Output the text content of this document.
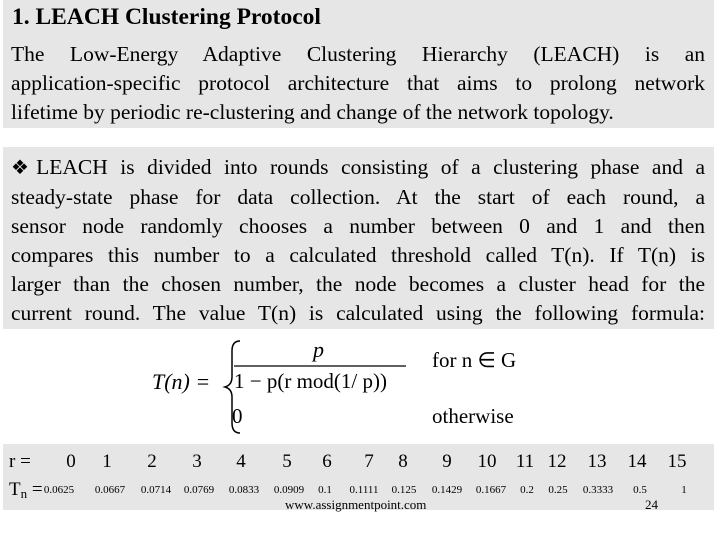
1. LEACH Clustering Protocol
The Low-Energy Adaptive Clustering Hierarchy (LEACH) is an
application-specific protocol architecture that aims to prolong network
lifetime by periodic re-clustering and change of the network topology.
❖LEACH is divided into rounds consisting of a clustering phase and a
steady-state phase for data collection. At the start of each round, a
sensor node randomly chooses a number between 0 and 1 and then
compares this number to a calculated threshold called T(n). If T(n) is
larger than the chosen number, the node becomes a cluster head for the
current round. The value T(n) is calculated using the following formula:
T(n) =
p
1 − p(r mod(1/ p))
for n ∈ G
0	otherwise
r =	0	1	2	3	4	5	6	7	8	9	10	11 12	13	14	15
Tn = 0.0625	0.0667	0.0714	0.0769	0.0833	0.0909	0.1	0.1111	0.125	0.1429	0.1667	0.2	0.25	0.3333	0.5	1
www.assignmentpoint.com	24
